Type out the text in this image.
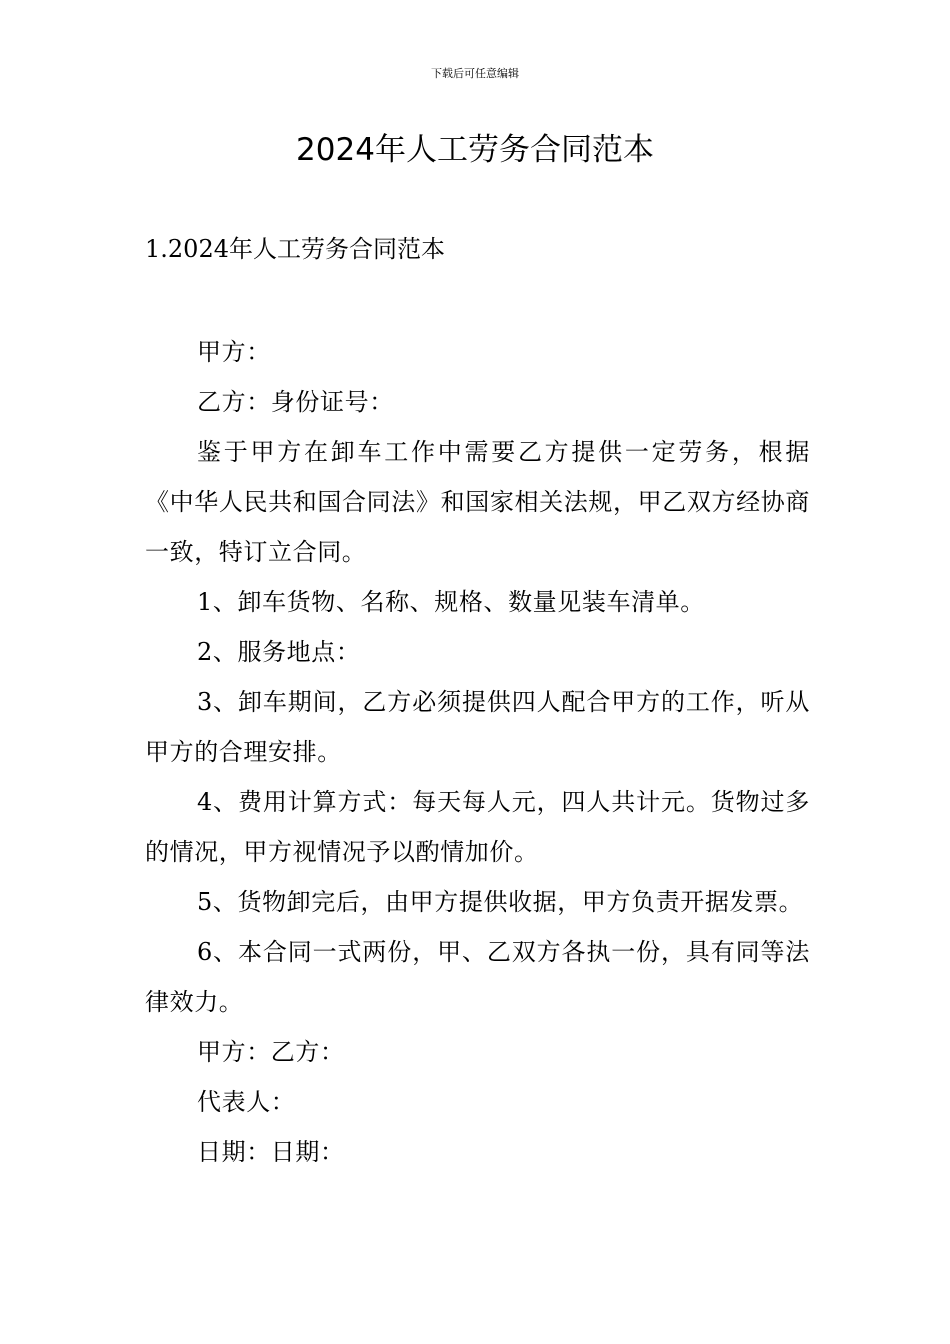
下载后可任意编辑
2024年人工劳务合同范本
1.2024年人工劳务合同范本

甲方：

乙方：身份证号：

鉴于甲方在卸车工作中需要乙方提供一定劳务，根据《中华人民共和国合同法》和国家相关法规，甲乙双方经协商一致，特订立合同。

1、卸车货物、名称、规格、数量见装车清单。

2、服务地点：

3、卸车期间，乙方必须提供四人配合甲方的工作，听从甲方的合理安排。

4、费用计算方式：每天每人元，四人共计元。货物过多的情况，甲方视情况予以酌情加价。

5、货物卸完后，由甲方提供收据，甲方负责开据发票。

6、本合同一式两份，甲、乙双方各执一份，具有同等法律效力。

甲方：乙方：

代表人：

日期：日期：
